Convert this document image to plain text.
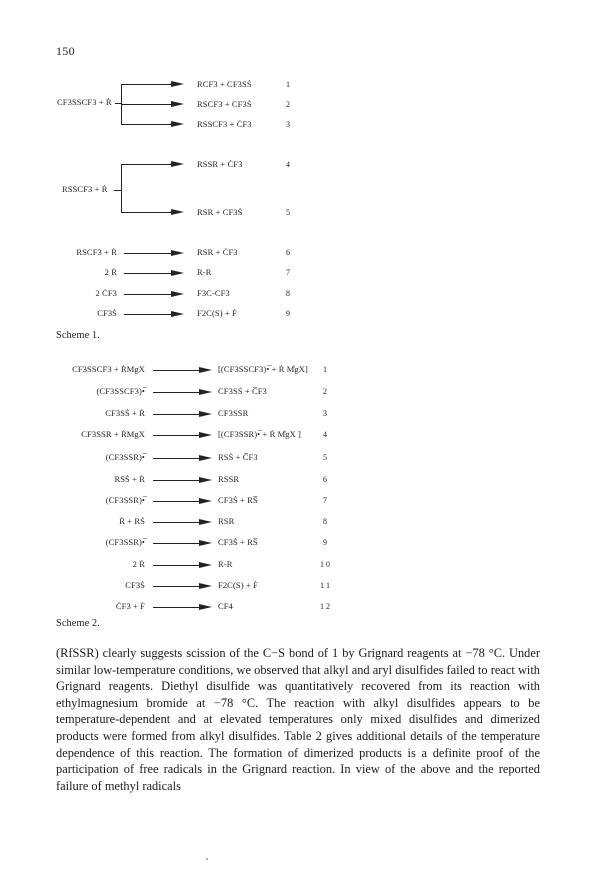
150
CF3SSCF3 + Ṙ
RCF3 + CF3SṠ	1
RSCF3 + CF3Ṡ	2
RSSCF3 + ĊF3	3
RSSCF3 + Ṙ
RSSR + ĊF3	4
RSR + CF3Ṡ	5
RSCF3 + Ṙ	RSR + ĊF3	6
2 Ṙ	R-R	7
2 ĊF3	F3C-CF3	8
CF3Ṡ	F2C(S) + Ḟ	9
Scheme 1.
CF3SSCF3 + ṘMgX	[(CF3SSCF3)•̅ + Ṙ M̊gX] 1
(CF3SSCF3)•̅	CF3SṠ + C̅F3	2
CF3SṠ + Ṙ	CF3SSR	3
CF3SSR + ṘMgX	[(CF3SSR)•̅ + Ṙ M̊gX ]	4
(CF3SSR)•̅	RSṠ + C̅F3	5
RSṠ + Ṙ	RSSR	6
(CF3SSR)•̅	CF3Ṡ + RS̅	7
Ṙ + RṠ	RSR	8
(CF3SSR)•̅	CF3Ṡ + RS̅	9
2 Ṙ	R-R	1 0
CF3Ṡ	F2C(S) + Ḟ	1 1
ĊF3 + Ḟ	CF4	1 2
Scheme 2.

(RfSSR) clearly suggests scission of the C−S bond of 1 by Grignard reagents at −78 °C. Under similar low-temperature conditions, we observed that alkyl and aryl disulfides failed to react with Grignard reagents. Diethyl disulfide was quantitatively recovered from its reaction with ethylmagnesium bromide at −78 °C. The reaction with alkyl disulfides appears to be temperature-dependent and at elevated temperatures only mixed disulfides and dimerized products were formed from alkyl disulfides. Table 2 gives additional details of the temperature dependence of this reaction. The formation of dimerized products is a definite proof of the participation of free radicals in the Grignard reaction. In view of the above and the reported failure of methyl radicals
